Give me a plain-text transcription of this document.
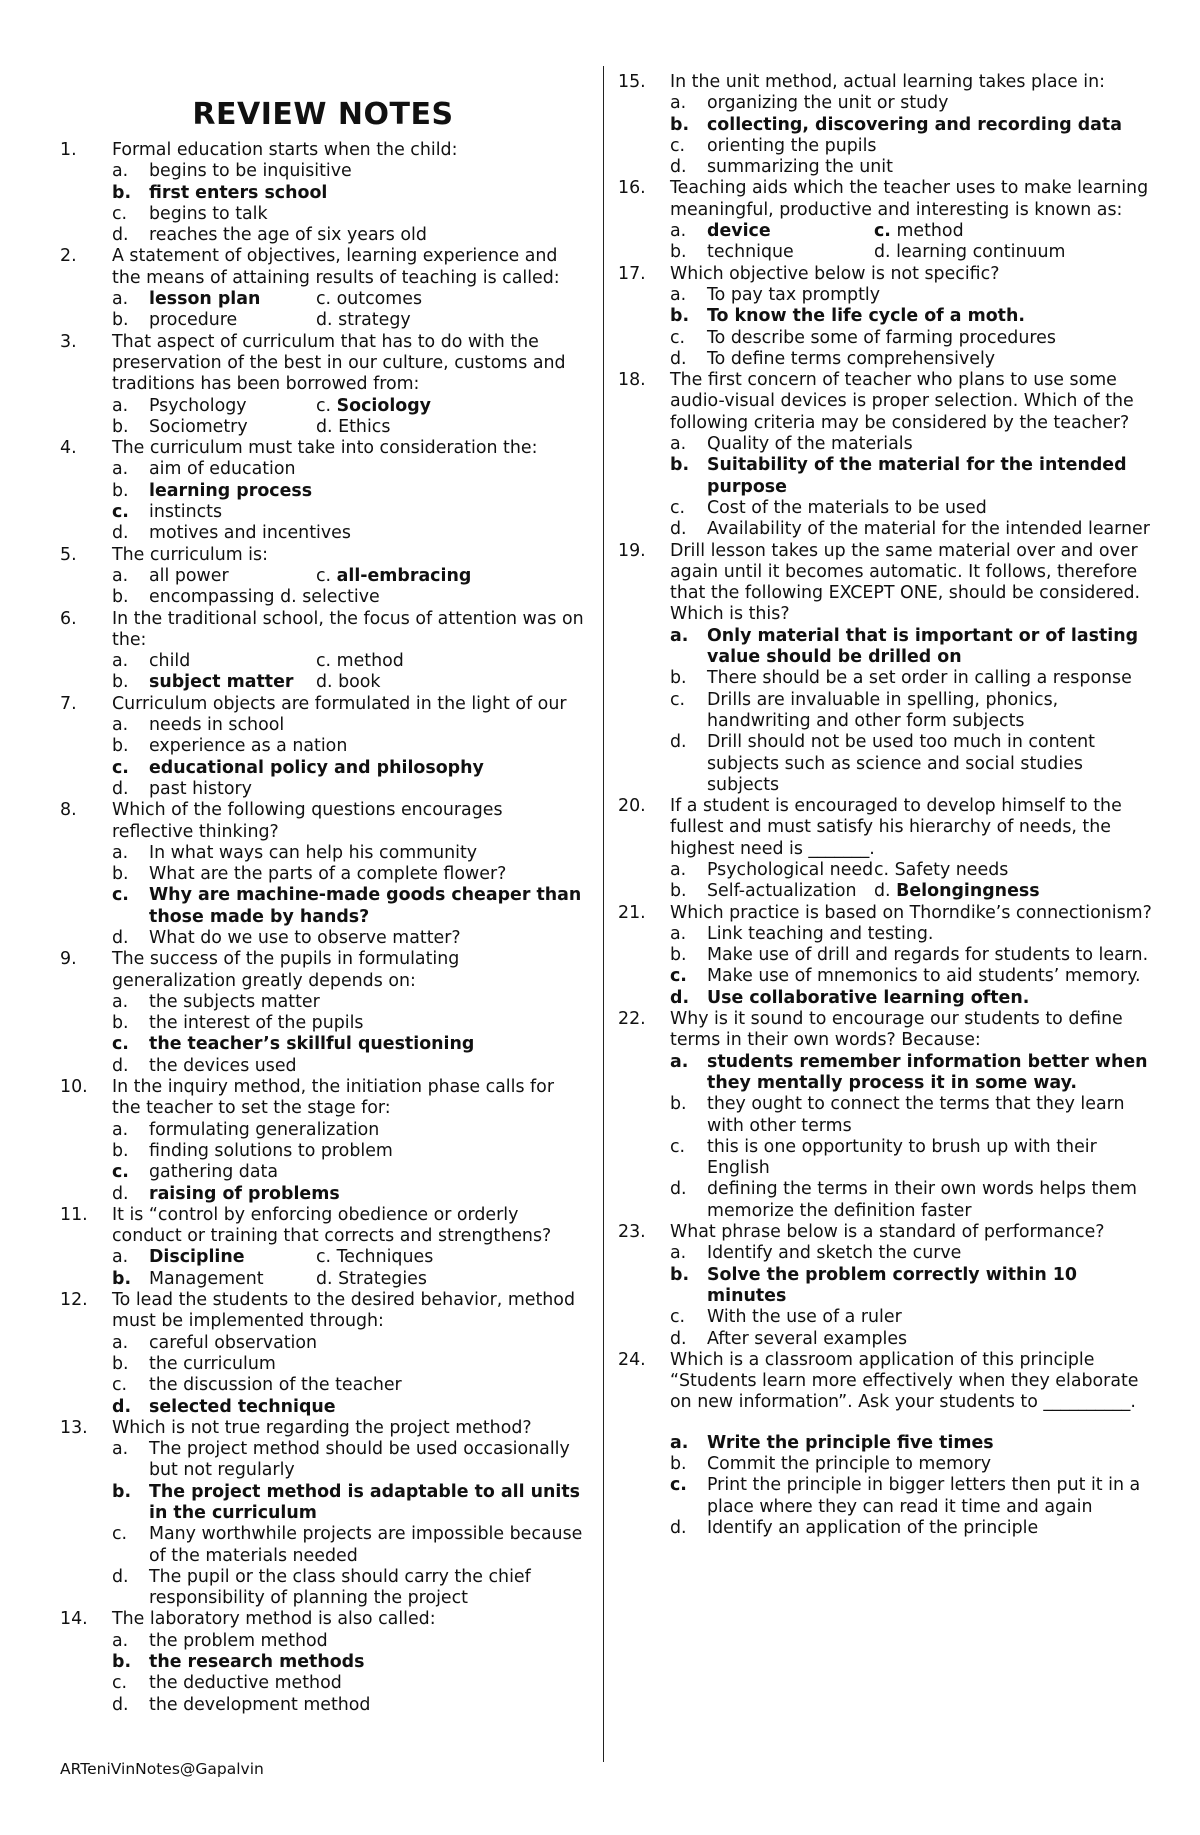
REVIEW NOTES
1. Formal education starts when the child:
a. begins to be inquisitive
b. first enters school
c. begins to talk
d. reaches the age of six years old
2. A statement of objectives, learning experience and the means of attaining results of teaching is called:
a. lesson plan	c. outcomes
b. procedure	d. strategy
3. That aspect of curriculum that has to do with the preservation of the best in our culture, customs and traditions has been borrowed from:
a. Psychology	c. Sociology
b. Sociometry	d. Ethics
4. The curriculum must take into consideration the:
a. aim of education
b. learning process
c. instincts
d. motives and incentives
5. The curriculum is:
a. all power	c. all-embracing
b. encompassing d. selective
6. In the traditional school, the focus of attention was on the:
a. child	c. method
b. subject matter	d. book
7. Curriculum objects are formulated in the light of our
a. needs in school
b. experience as a nation
c. educational policy and philosophy
d. past history
8. Which of the following questions encourages reflective thinking?
a. In what ways can help his community
b. What are the parts of a complete flower?
c. Why are machine-made goods cheaper than those made by hands?
d. What do we use to observe matter?
9. The success of the pupils in formulating generalization greatly depends on:
a. the subjects matter
b. the interest of the pupils
c. the teacher’s skillful questioning
d. the devices used
10. In the inquiry method, the initiation phase calls for the teacher to set the stage for:
a. formulating generalization
b. finding solutions to problem
c. gathering data
d. raising of problems
11. It is “control by enforcing obedience or orderly conduct or training that corrects and strengthens?
a. Discipline	c. Techniques
b. Management	d. Strategies
12. To lead the students to the desired behavior, method must be implemented through:
a. careful observation
b. the curriculum
c. the discussion of the teacher
d. selected technique
13. Which is not true regarding the project method?
a. The project method should be used occasionally but not regularly
b. The project method is adaptable to all units in the curriculum
c. Many worthwhile projects are impossible because of the materials needed
d. The pupil or the class should carry the chief responsibility of planning the project
14. The laboratory method is also called:
a. the problem method
b. the research methods
c. the deductive method
d. the development method
15. In the unit method, actual learning takes place in:
a. organizing the unit or study
b. collecting, discovering and recording data
c. orienting the pupils
d. summarizing the unit
16. Teaching aids which the teacher uses to make learning meaningful, productive and interesting is known as:
a. device	c. method
b. technique	d. learning continuum
17. Which objective below is not specific?
a. To pay tax promptly
b. To know the life cycle of a moth.
c. To describe some of farming procedures
d. To define terms comprehensively
18. The first concern of teacher who plans to use some audio-visual devices is proper selection. Which of the following criteria may be considered by the teacher?
a. Quality of the materials
b. Suitability of the material for the intended purpose
c. Cost of the materials to be used
d. Availability of the material for the intended learner
19. Drill lesson takes up the same material over and over again until it becomes automatic. It follows, therefore that the following EXCEPT ONE, should be considered. Which is this?
a. Only material that is important or of lasting value should be drilled on
b. There should be a set order in calling a response
c. Drills are invaluable in spelling, phonics, handwriting and other form subjects
d. Drill should not be used too much in content subjects such as science and social studies subjects
20. If a student is encouraged to develop himself to the fullest and must satisfy his hierarchy of needs, the highest need is _______.
a. Psychological need c. Safety needs
b. Self-actualization	d. Belongingness
21. Which practice is based on Thorndike’s connectionism?
a. Link teaching and testing.
b. Make use of drill and regards for students to learn.
c. Make use of mnemonics to aid students’ memory.
d. Use collaborative learning often.
22. Why is it sound to encourage our students to define terms in their own words? Because:
a. students remember information better when they mentally process it in some way.
b. they ought to connect the terms that they learn with other terms
c. this is one opportunity to brush up with their English
d. defining the terms in their own words helps them memorize the definition faster
23. What phrase below is a standard of performance?
a. Identify and sketch the curve
b. Solve the problem correctly within 10 minutes
c. With the use of a ruler
d. After several examples
24. Which is a classroom application of this principle “Students learn more effectively when they elaborate on new information”. Ask your students to __________.
a. Write the principle five times
b. Commit the principle to memory
c. Print the principle in bigger letters then put it in a place where they can read it time and again
d. Identify an application of the principle
ARTeniVinNotes@Gapalvin
